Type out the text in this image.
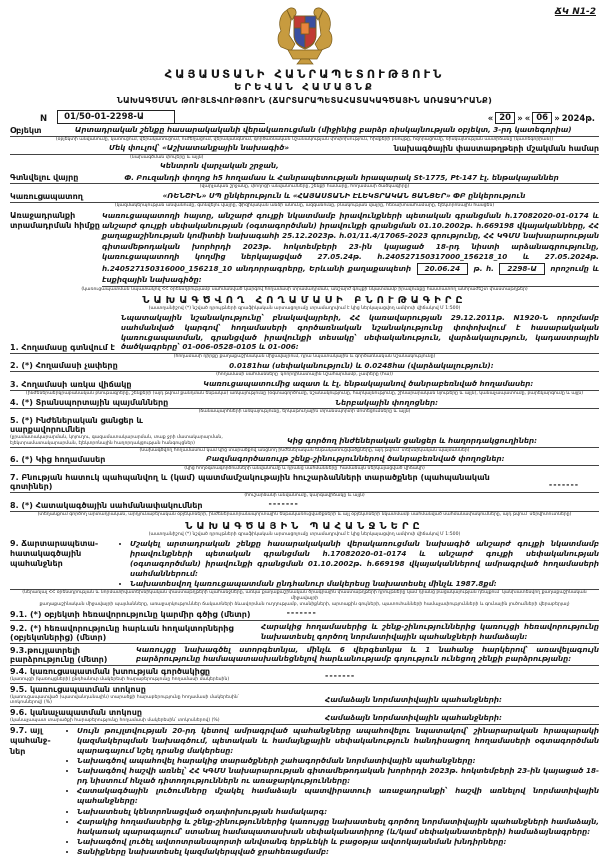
ՃԿ N1-2
ՀԱՅԱՍՏԱՆԻ ՀԱՆՐԱՊԵՏՈՒԹՅՈՒՆ
ԵՐԵՎԱՆ ՀԱՄԱՅՆՔ
ՆԱԽԱԳԾՄԱՆ ԹՈՒՅԼՏՎՈՒԹՅՈՒՆ (ՃԱՐՏԱՐԱՊԵՏԱՀԱՏԱԿԱԳԾԱՅԻՆ ԱՌԱՋԱԴՐԱՆՔ)
N	01/50-01-2298-Ա	« 20 » « 06 » 2024թ.
Օբյեկտ	Արտադրական շենքը հասարակականի վերակառուցման (միջինից բարձր ռիսկայնության օբյեկտ, 3-րդ կատեգորիա)
(օբյեկտի անվանումը, կառուցում, վերակառուցում, ուժեղացում, վերականգնում, գործառնական նշանակության փոփոխություն, հիմքերի բնույթը, հզորացումը, ռիսկայնության աստիճանը (կատեգորիան))
Մեկ փուլով՝ «Աշխատանքային նախագիծ»	նախագծային փաստաթղթերի մշակման համար
(նախագծման փուլերը և այլն)
Կենտրոն վարչական շրջան,
Գտնվելու վայրը	Փ. Բուզանդի փողոց հ5 հողամաս և Հանրապետության հրապարակ St-1775, Pt-147 էլ. ենթակայաններ
(վարչական շրջանը, փողոցի անվանումները, շենքի համարը, հողամասի ծածկագիրը)
Կառուցապատող	«ՌԵՆՇԻՆ» ՍՊ ընկերություն և «ՀԱՅԱՍՏԱՆԻ ԷԼԵԿՏՐԱԿԱՆ ՑԱՆՑԵՐ» ՓԲ ընկերություն
(կազմակերպության անվանումը, գտնվելու վայրը, ֆիզիկական անձի անունը, ազգանունը, բնակության վայրը, հեռախոսահամարը, էլեկտրոնային հասցեն)
Առաջադրանքի
տրամադրման հիմքը
Կառուցապատողի հայտը, անշարժ գույքի նկատմամբ իրավունքների պետական գրանցման հ.17082020-01-0174 և անշարժ գույքի սեփականության (օգտագործման) իրավունքի գրանցման 01.10.2002թ. հ.669198 վկայականները, ՀՀ քաղաքաշինության կոմիտեի նախագահի 25.12.2023թ. հ.01/11.4/17065-2023 գրությունը, ՀՀ ԿԳՄՍ նախարարության գիտամեթոդական խորհրդի 2023թ. հոկտեմբերի 23-ին կայացած 18-րդ նիստի արձանագրությունը, կառուցապատողի կողմից ներկայացված 27.05.24թ. հ.240527150317000_156218_10 և 27.05.2024թ. հ.240527150316000_156218_10 անդորրագրերը, Երևանի քաղաքապետի 20.06.24 թ. հ. 2298-Ա որոշումը և էսքիզային նախագիծը:
(կառուցապատման նպատակով ՀՀ օրենսդրությամբ սահմանված կարգով հողամասի տրամադրման, անշարժ գույքի նկատմամբ իրավունքը հաստատող անհրաժեշտ փաստաթղթեր)
ՆԱԽԱԳԾՎՈՂ ՀՈՂԱՄԱՍԻ ԲՆՈՒԹԱԳԻՐԸ
(աստղանիշով (*) նշված դրույթների գրաֆիկական արտացոլումը տրամադրվում է կից ներկայացվող ամփոփ վիճակով Մ 1:500)
1. Հողամասը գտնվում է
Նպատակային նշանակությունը՝ բնակավայրերի, ՀՀ կառավարության 29.12.2011թ. N1920-Ն որոշմամբ սահմանված կարգով՝ հողամասերի գործառնական նշանակությունը փոփոխվում է հասարակական կառուցապատման, գրանցված իրավունքի տեսակը՝ սեփականություն, վարձակալություն, կադաստրային ծածկագրերը՝ 01-006-0528-0105 և 01-006:
(հողամասի դիրքը քաղաքաշինական միջավայրում, դրա նպատակային և գործառնական նշանակությունը)
2. (*) Հողամասի չափերը	0.0181հա (սեփականություն) և 0.0248հա (վարձակալություն):
(հողամասի սահմանները՝ կոորդինատային նշահարմամբ, չափերը (հա))
3. Հողամասի առկա վիճակը	Կառուցապատումից ազատ և էլ. ենթակայանով ծանրաբեռնված հողամասեր:
(ինժեներաերկրաբանական բնութագրերը, շենքերի (այդ թվում քանդման ենթակա) առկայությունը (օգտագործումը, նշանակությունը, հարկայնությունը, շինարարական նյութերը և այլն), կանաչապատումը, բարեկարգումը և այլն)
4. (*) Տրանսպորտային պայմանները	Ներբակային փողոցներ:
(ճանապարհների առկայությունը, երկաթուղային տրանսպորտի մոտեցումները և այլն)
5. (*) Ինժեներական ցանցեր և սարքավորումներ
(ջրամատակարարման, կոյուղու, գազամատակարարման, տաք ջրի մատակարարման, էլեկտրամատակարարման, էլեկտրոնային հաղորդակցության հանգույցներ)	Կից գործող ինժեներական ցանցեր և հաղորդակցուղիներ:
(նախագծվող հողամասում կամ կից տարածքով անցնող ինժեներական ենթակառուցվածքները, այդ թվում՝ տեխնիկական պայմաններ)
6. (*) Կից հողամասեր	Բազմագործառույթ շենք-շինություններով ծանրաբեռնված փողոցներ:
(կից հողօգտագործումների անվանումը և դրանց սահմանները՝ համաձայն ներկայացված վիճակի)
7. Բնության հատուկ պահպանվող և (կամ) պատմամշակութային հուշարձանների տարածքներ (պահպանական գոտիներ)	-------
(հուշարձանի անվանումը, կարգավիճակը և այլն)
8. (*) Հատակագծային սահմանափակումներ	-------
(տեղանքում գործող արտադրական, արդյունաբերական օբյեկտների, ինժեներատրանսպորտային ենթակառուցվածքների և այլ օբյեկտների նկատմամբ սահմանված սահմանափակումները, այդ թվում՝ սերվիտուտները)
ՆԱԽԱԳԾԱՅԻՆ ՊԱՀԱՆՋՆԵՐԸ
(աստղանիշով (*) նշված դրույթների գրաֆիկական արտացոլումը տրամադրվում է կից ներկայացվող ամփոփ վիճակով Մ 1:500)
9. Ճարտարապետա-
հատակագծային
պահանջներ
• Մշակել արտադրական շենքը հասարակականի վերակառուցման նախագիծ անշարժ գույքի նկատմամբ իրավունքների պետական գրանցման հ.17082020-01-0174 և անշարժ գույքի սեփականության (օգտագործման) իրավունքի գրանցման 01.10.2002թ. հ.669198 վկայականներով ամրագրված հողամասերի սահմաններում:
• Նախատեսվող կառուցապատման ընդհանուր մակերեսը նախատեսել մինչև 1987.8քմ:
(ներառյալ ՀՀ օրենսդրության և նորմատիվատեխնիկական փաստաթղթերի պահանջները, առկա քաղաքաշինական ծրագրային փաստաթղթերի դրույթները կամ դրանց բացակայության դեպքում՝ կանխատեսվող քաղաքաշինական միջավայրի
քաղաքաշինական միջավայրի պայմանները, առաջարկություններ ճակատների ձևավորման ուղղությամբ, տանիքների, արտաքին գույների, պատուհանների համաչափությունների և գունային լուծումների վերաբերյալ)
9.1. (*) օբյեկտի հեռավորությունը կարմիր գծից (մետր)	-------
9.2. (*) հեռավորությունը հարևան հողակտորներից (օբյեկտներից) (մետր)
Հարակից հողամասերից և շենք-շինություններից կառույցի հեռավորությունը նախատեսել գործող նորմատիվային պահանջների համաձայն:
9.3.թույլատրելի բարձրությունը (մետր)
Կառույցը նախագծել ստորգետնյա, մինչև 6 վերգետնյա և 1 նահանջ հարկերով՝ առավելագույն բարձրությունը համապատասխանեցնելով հարևանությամբ գոյություն ունեցող շենքի բարձրությանը:
9.4. կառուցապատման խտության գործակիցը
(կառույցի (կառույցների) ընդհանուր մակերեսի հարաբերությունը հողամասի մակերեսին)	-------
9.5. կառուցապատման տոկոսը
(կառուցապատված (պատվանդանային) տարածքի հարաբերությունը հողամասի մակերեսին՝ տոկոսներով) (%)	Համաձայն նորմատիվային պահանջների:
9.6. կանաչապատման տոկոսը
(կանաչապատ տարածքի հարաբերությունը հողամասի մակերեսին՝ տոկոսներով) (%)	Համաձայն նորմատիվային պահանջների:
9.7. այլ
պահանջ-
ներ
• Սույն թույլտվության 20-րդ կետով ամրագրված պահանջները ապահովելու նպատակով՝ շինարարական հրապարակի կազմակերպման նախագծում, պետական և համայնքային սեփականություն հանդիսացող հողամասերի օգտագործման պարագայում նշել դրանց մակերեսը:
• Նախագծով ապահովել հարակից տարածքների շահագործման նորմատիվային պահանջները:
• Նախագծով հաշվի առնել՝ ՀՀ ԿԳՄՍ նախարարության գիտամեթոդական խորհրդի 2023թ. հոկտեմբերի 23-ին կայացած 18-րդ նիստում հնչած դիտողություններն ու առաջարկությունները:
• Հատակագծային լուծումները մշակել համաձայն պատվիրատուի առաջադրանքի՝ հաշվի առնելով նորմատիվային պահանջները:
• Նախատեսել կենտրոնացված օդափոխության համակարգ:
• Հարակից հողամասերից և շենք-շինություններից կառույցը նախատեսել գործող նորմատիվային պահանջների համաձայն, հակառակ պարագայում՝ ստանալ համապատասխան սեփականատիրոջ (և/կամ սեփականատերերի) համաձայնագրերը:
• Նախագծով լուծել ավտոտրանսպորտի անվտանգ երթևեկի և բացօթյա ավտոկայանման խնդիրները:
• Տանիքները նախատեսել կազմակերպված ջրահեռացմամբ:
